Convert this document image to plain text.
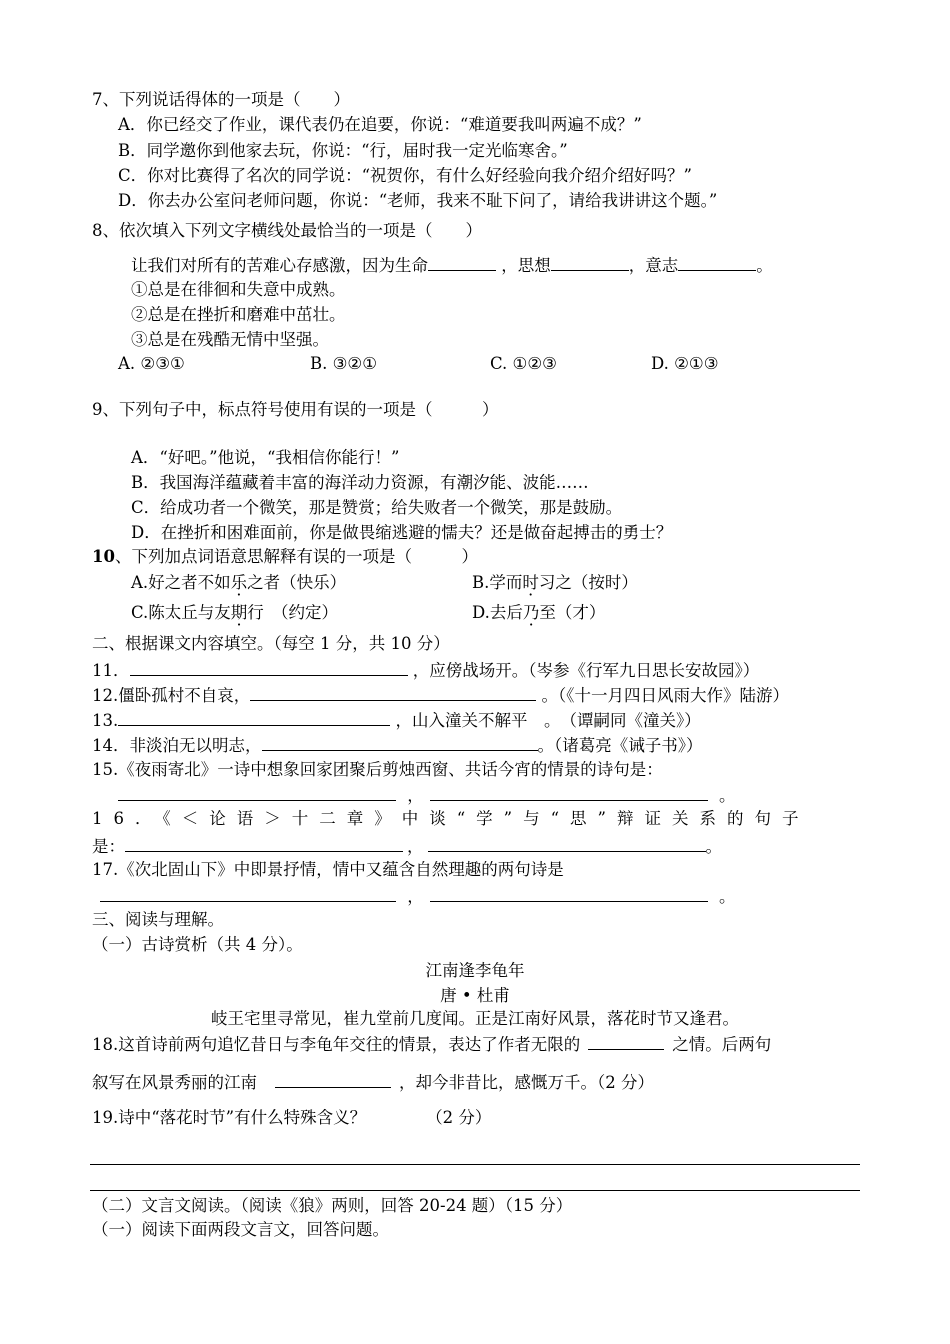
7、下列说话得体的一项是（　　）
A．你已经交了作业，课代表仍在追要，你说：“难道要我叫两遍不成？”
B．同学邀你到他家去玩，你说：“行，届时我一定光临寒舍。”
C．你对比赛得了名次的同学说：“祝贺你，有什么好经验向我介绍介绍好吗？”
D．你去办公室问老师问题，你说：“老师，我来不耻下问了，请给我讲讲这个题。”
8、依次填入下列文字横线处最恰当的一项是（　　）
让我们对所有的苦难心存感激，因为生命	，思想	，意志	。
①总是在徘徊和失意中成熟。
②总是在挫折和磨难中茁壮。
③总是在残酷无情中坚强。
A. ②③①	B. ③②①	C. ①②③	D. ②①③
9、下列句子中，标点符号使用有误的一项是（　　　）
A．“好吧。”他说，“我相信你能行！”
B．我国海洋蕴藏着丰富的海洋动力资源，有潮汐能、波能……
C．给成功者一个微笑，那是赞赏；给失败者一个微笑，那是鼓励。
D．在挫折和困难面前，你是做畏缩逃避的懦夫？还是做奋起搏击的勇士？
10、下列加点词语意思解释有误的一项是（　　　）
A.好之者不如乐之者（快乐）	B.学而时习之（按时）
C.陈太丘与友期行　（约定）	D.去后乃至（才）
二、根据课文内容填空。（每空 1 分，共 10 分）
11．	，应傍战场开。（岑参《行军九日思长安故园》）
12.僵卧孤村不自哀，	。（《十一月四日风雨大作》陆游）
13.	，山入潼关不解平　。　（谭嗣同《潼关》）
14．非淡泊无以明志，	。（诸葛亮《诫子书》）
15.《夜雨寄北》一诗中想象回家团聚后剪烛西窗、共话今宵的情景的诗句是：
，	。
16．《＜论语＞十二章》中谈“学”与“思”辩证关系的句子
是：	，	。
17.《次北固山下》中即景抒情，情中又蕴含自然理趣的两句诗是
，	。
三、阅读与理解。
（一）古诗赏析（共 4 分）。
江南逢李龟年
唐 • 杜甫
岐王宅里寻常见，崔九堂前几度闻。正是江南好风景，落花时节又逢君。
18.这首诗前两句追忆昔日与李龟年交往的情景，表达了作者无限的	之情。后两句
叙写在风景秀丽的江南	，却今非昔比，感慨万千。（2 分）
19.诗中“落花时节”有什么特殊含义？	（2 分）
（二）文言文阅读。（阅读《狼》两则，回答 20-24 题）（15 分）
（一）阅读下面两段文言文，回答问题。
